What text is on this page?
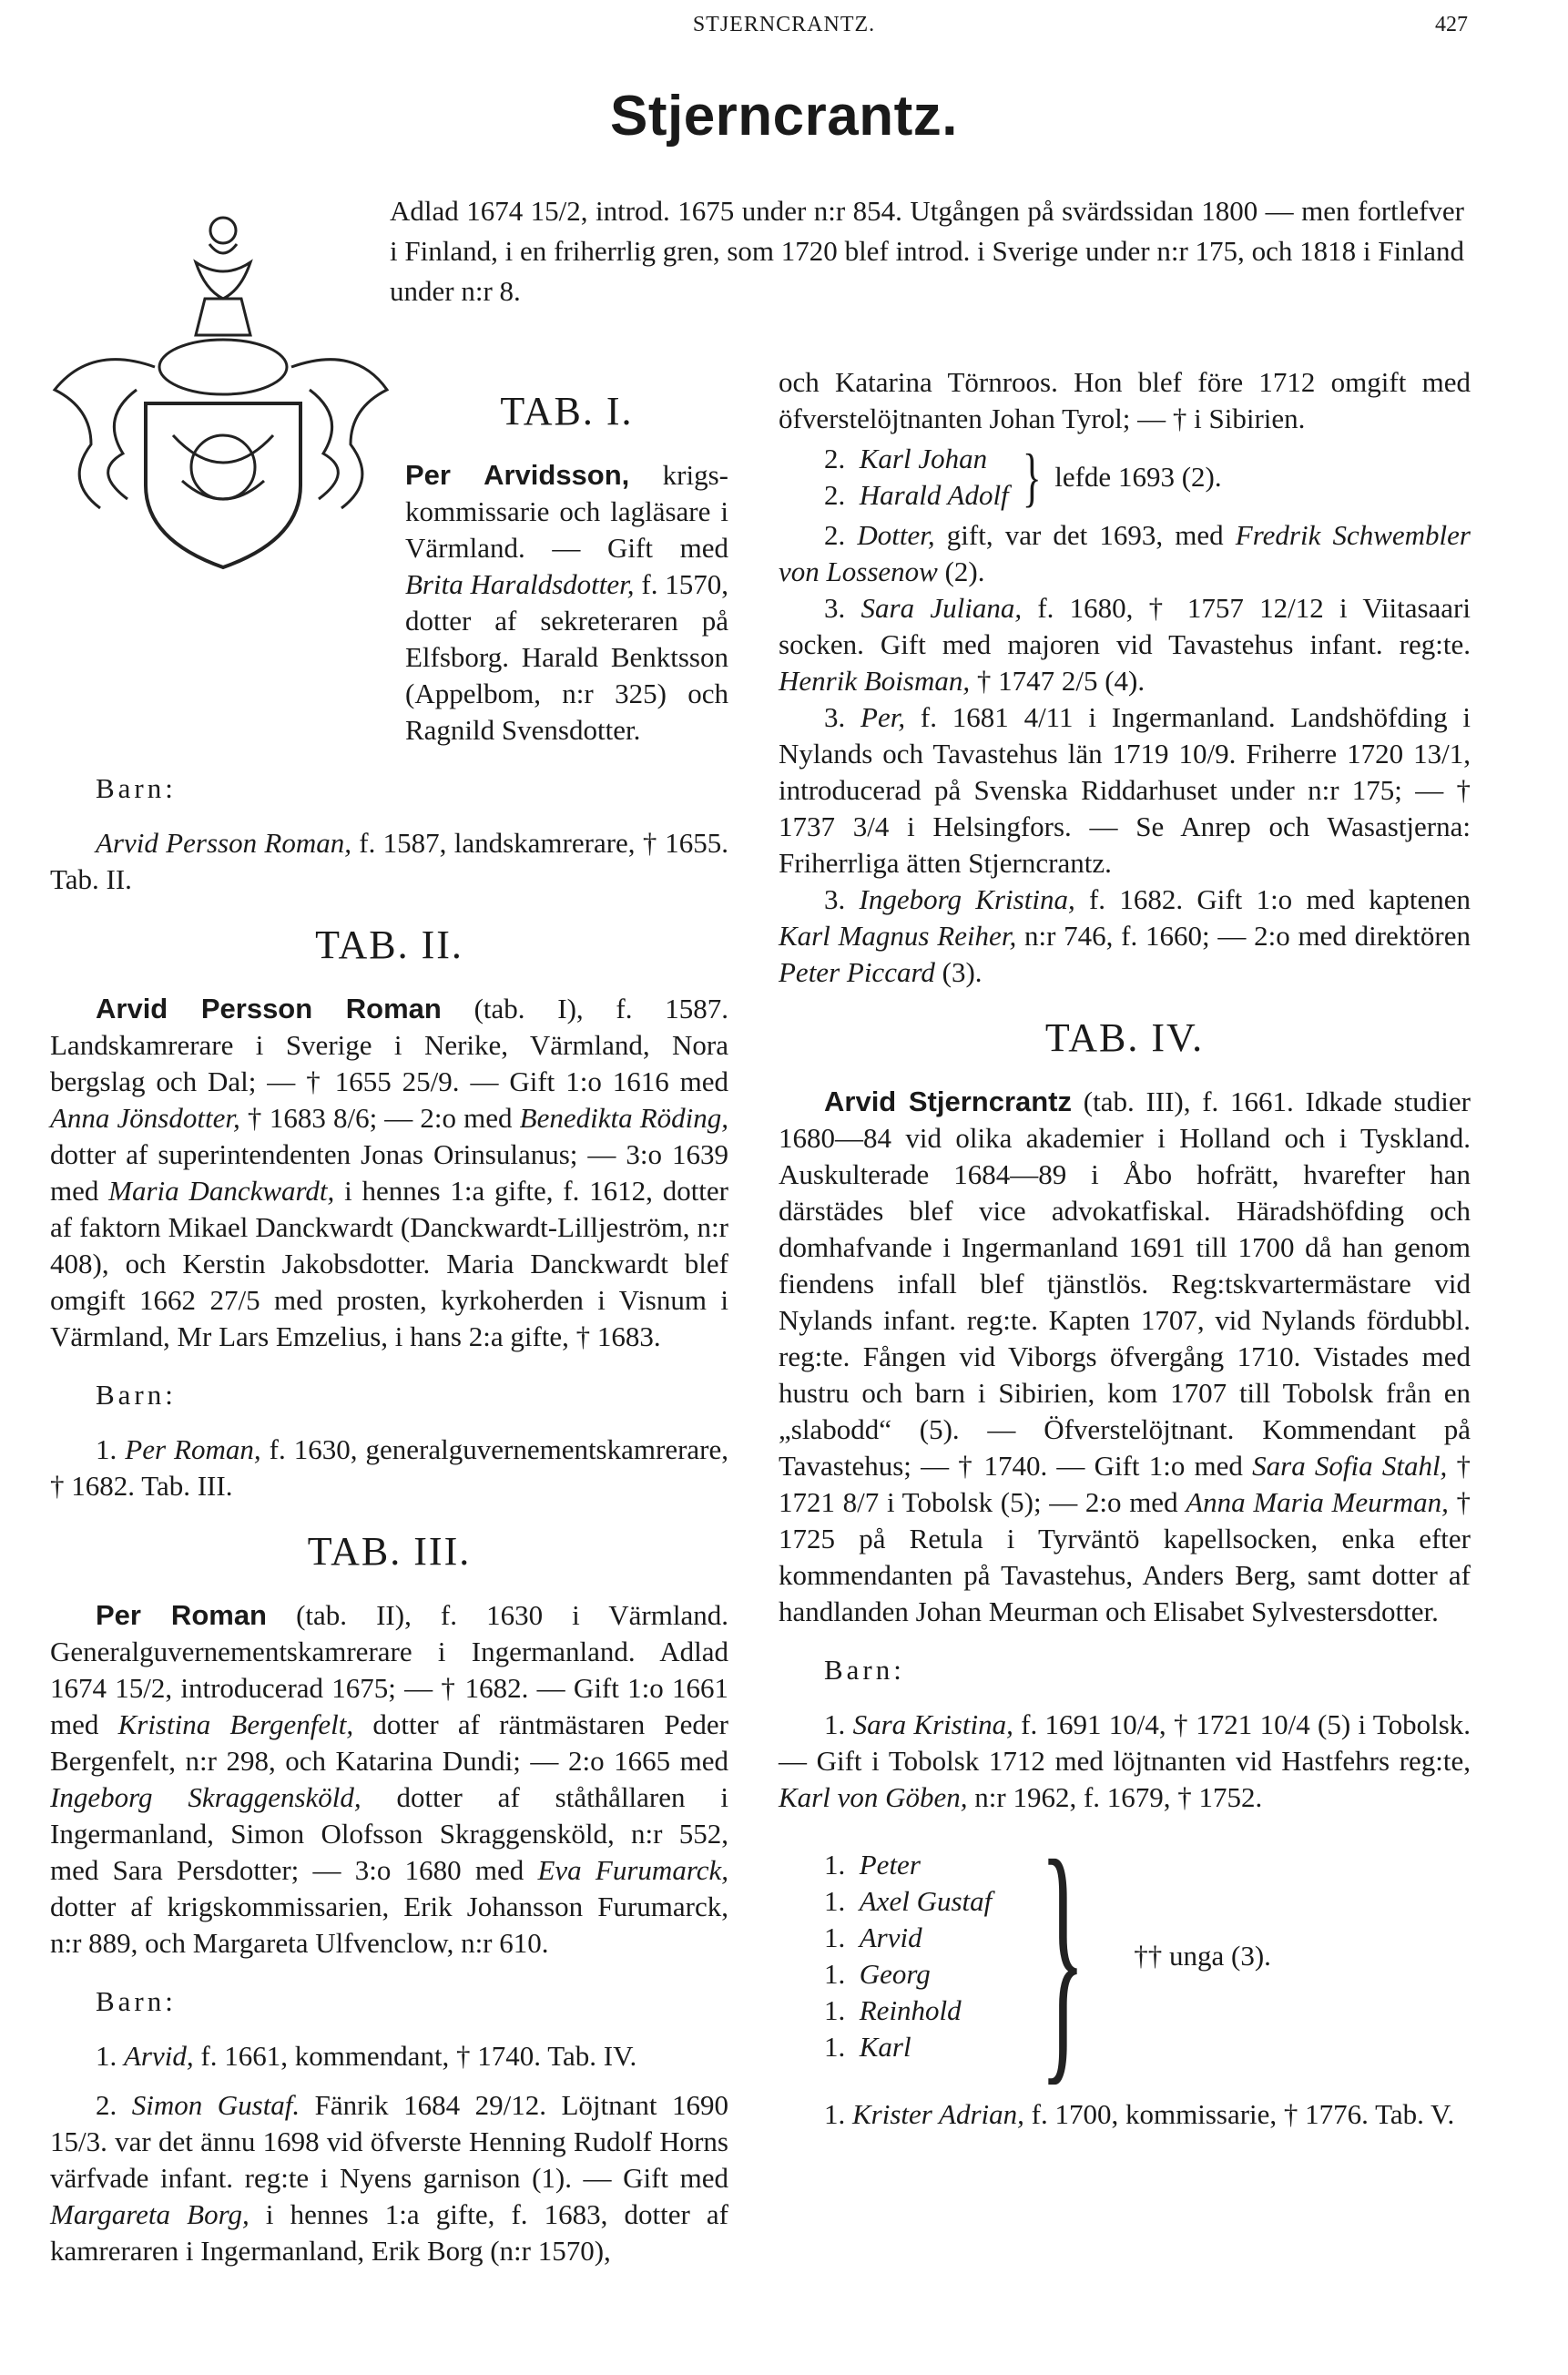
STJERNCRANTZ.	427
Stjerncrantz.
Adlad 1674 15/2, introd. 1675 under n:r 854. Utgången på svärdssidan 1800 — men fortlefver i Finland, i en friherrlig gren, som 1720 blef introd. i Sverige under n:r 175, och 1818 i Finland under n:r 8.
TAB. I.

Per Arvidsson, krigs-kommissarie och lagläsare i Värmland. — Gift med Brita Haraldsdotter, f. 1570, dotter af sekreteraren på Elfsborg. Harald Benktsson (Appelbom, n:r 325) och Ragnild Svensdotter.

Barn:

Arvid Persson Roman, f. 1587, landskamrerare, † 1655. Tab. II.

TAB. II.

Arvid Persson Roman (tab. I), f. 1587. Landskamrerare i Sverige i Nerike, Värmland, Nora bergslag och Dal; — † 1655 25/9. — Gift 1:o 1616 med Anna Jönsdotter, † 1683 8/6; — 2:o med Benedikta Röding, dotter af superintendenten Jonas Orinsulanus; — 3:o 1639 med Maria Danckwardt, i hennes 1:a gifte, f. 1612, dotter af faktorn Mikael Danckwardt (Danckwardt-Lilljeström, n:r 408), och Kerstin Jakobsdotter. Maria Danckwardt blef omgift 1662 27/5 med prosten, kyrkoherden i Visnum i Värmland, Mr Lars Emzelius, i hans 2:a gifte, † 1683.

Barn:

1. Per Roman, f. 1630, generalguvernementskamrerare, † 1682. Tab. III.

TAB. III.

Per Roman (tab. II), f. 1630 i Värmland. Generalguvernementskamrerare i Ingermanland. Adlad 1674 15/2, introducerad 1675; — † 1682. — Gift 1:o 1661 med Kristina Bergenfelt, dotter af räntmästaren Peder Bergenfelt, n:r 298, och Katarina Dundi; — 2:o 1665 med Ingeborg Skraggensköld, dotter af ståthållaren i Ingermanland, Simon Olofsson Skraggensköld, n:r 552, med Sara Persdotter; — 3:o 1680 med Eva Furumarck, dotter af krigskommissarien, Erik Johansson Furumarck, n:r 889, och Margareta Ulfvenclow, n:r 610.

Barn:

1. Arvid, f. 1661, kommendant, † 1740. Tab. IV.

2. Simon Gustaf. Fänrik 1684 29/12. Löjtnant 1690 15/3. var det ännu 1698 vid öfverste Henning Rudolf Horns värfvade infant. reg:te i Nyens garnison (1). — Gift med Margareta Borg, i hennes 1:a gifte, f. 1683, dotter af kamreraren i Ingermanland, Erik Borg (n:r 1570),

och Katarina Törnroos. Hon blef före 1712 omgift med öfverstelöjtnanten Johan Tyrol; — † i Sibirien.

2. Karl Johan
2. Harald Adolf } lefde 1693 (2).

2. Dotter, gift, var det 1693, med Fredrik Schwembler von Lossenow (2).

3. Sara Juliana, f. 1680, † 1757 12/12 i Viitasaari socken. Gift med majoren vid Tavastehus infant. reg:te. Henrik Boisman, † 1747 2/5 (4).

3. Per, f. 1681 4/11 i Ingermanland. Landshöfding i Nylands och Tavastehus län 1719 10/9. Friherre 1720 13/1, introducerad på Svenska Riddarhuset under n:r 175; — † 1737 3/4 i Helsingfors. — Se Anrep och Wasastjerna: Friherrliga ätten Stjerncrantz.

3. Ingeborg Kristina, f. 1682. Gift 1:o med kaptenen Karl Magnus Reiher, n:r 746, f. 1660; — 2:o med direktören Peter Piccard (3).

TAB. IV.

Arvid Stjerncrantz (tab. III), f. 1661. Idkade studier 1680—84 vid olika akademier i Holland och i Tyskland. Auskulterade 1684—89 i Åbo hofrätt, hvarefter han därstädes blef vice advokatfiskal. Häradshöfding och domhafvande i Ingermanland 1691 till 1700 då han genom fiendens infall blef tjänstlös. Reg:tskvartermästare vid Nylands infant. reg:te. Kapten 1707, vid Nylands fördubbl. reg:te. Fången vid Viborgs öfvergång 1710. Vistades med hustru och barn i Sibirien, kom 1707 till Tobolsk från en „slabodd“ (5). — Öfverstelöjtnant. Kommendant på Tavastehus; — † 1740. — Gift 1:o med Sara Sofia Stahl, † 1721 8/7 i Tobolsk (5); — 2:o med Anna Maria Meurman, † 1725 på Retula i Tyrväntö kapellsocken, enka efter kommendanten på Tavastehus, Anders Berg, samt dotter af handlanden Johan Meurman och Elisabet Sylvestersdotter.

Barn:

1. Sara Kristina, f. 1691 10/4, † 1721 10/4 (5) i Tobolsk. — Gift i Tobolsk 1712 med löjtnanten vid Hastfehrs reg:te, Karl von Göben, n:r 1962, f. 1679, † 1752.

1. Peter
1. Axel Gustaf
1. Arvid
1. Georg
1. Reinhold
1. Karl } †† unga (3).

1. Krister Adrian, f. 1700, kommissarie, † 1776. Tab. V.
